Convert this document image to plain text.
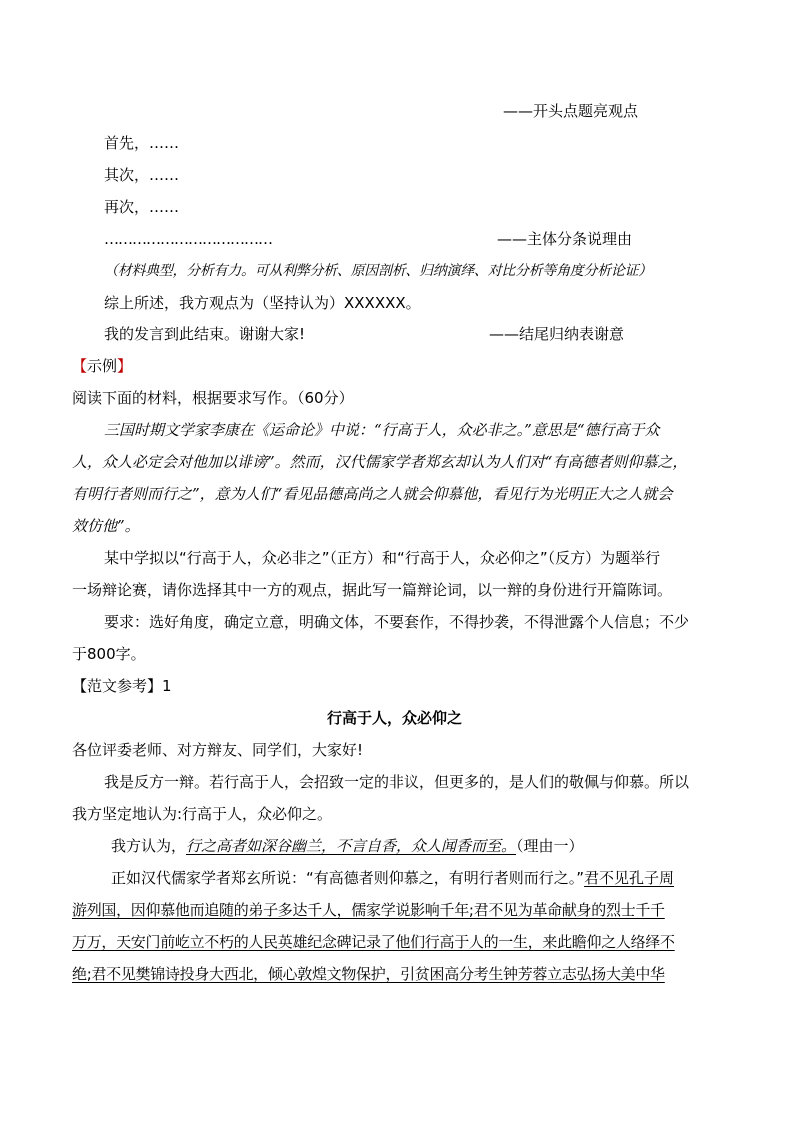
——开头点题亮观点
首先，……
其次，……
再次，……
………………………………	——主体分条说理由
（材料典型，分析有力。可从利弊分析、原因剖析、归纳演绎、对比分析等角度分析论证）
综上所述，我方观点为（坚持认为）XXXXXX。
我的发言到此结束。谢谢大家!	——结尾归纳表谢意
【示例】
阅读下面的材料，根据要求写作。（60分）
三国时期文学家李康在《运命论》中说：“行高于人，众必非之。”意思是“德行高于众
人，众人必定会对他加以诽谤”。然而，汉代儒家学者郑玄却认为人们对“有高德者则仰慕之，
有明行者则而行之”，意为人们“看见品德高尚之人就会仰慕他，看见行为光明正大之人就会
效仿他”。
某中学拟以“行高于人，众必非之”（正方）和“行高于人，众必仰之”（反方）为题举行
一场辩论赛，请你选择其中一方的观点，据此写一篇辩论词，以一辩的身份进行开篇陈词。
要求：选好角度，确定立意，明确文体，不要套作，不得抄袭，不得泄露个人信息；不少
于800字。
【范文参考】1
行高于人，众必仰之
各位评委老师、对方辩友、同学们，大家好!
我是反方一辩。若行高于人，会招致一定的非议，但更多的，是人们的敬佩与仰慕。所以
我方坚定地认为:行高于人，众必仰之。
我方认为，行之高者如深谷幽兰，不言自香，众人闻香而至。（理由一）
正如汉代儒家学者郑玄所说：“有高德者则仰慕之，有明行者则而行之。”君不见孔子周
游列国，因仰慕他而追随的弟子多达千人，儒家学说影响千年;君不见为革命献身的烈士千千
万万，天安门前屹立不朽的人民英雄纪念碑记录了他们行高于人的一生，来此瞻仰之人络绎不
绝;君不见樊锦诗投身大西北，倾心敦煌文物保护，引贫困高分考生钟芳蓉立志弘扬大美中华
